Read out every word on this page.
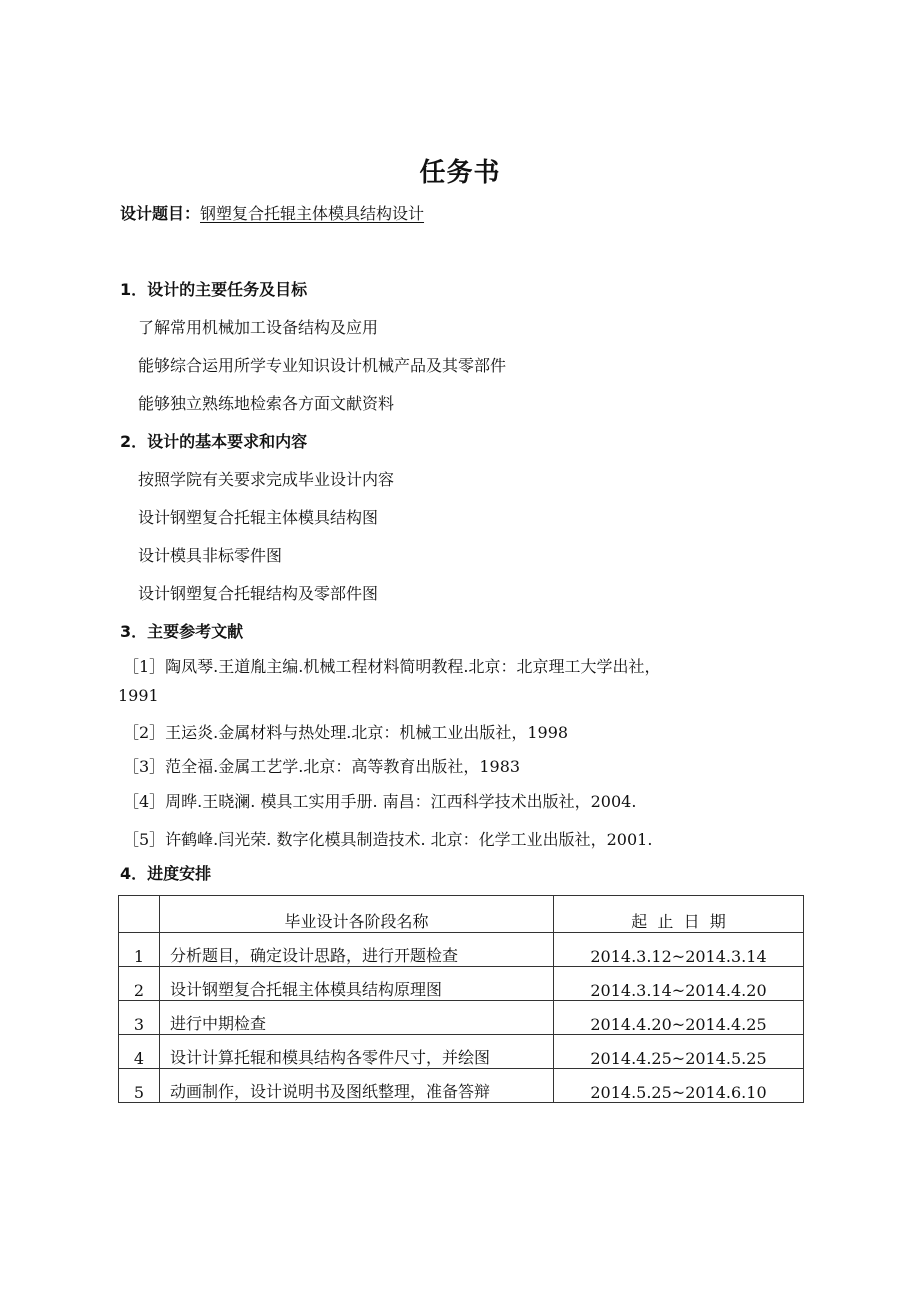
任务书
设计题目：钢塑复合托辊主体模具结构设计
1．设计的主要任务及目标
了解常用机械加工设备结构及应用
能够综合运用所学专业知识设计机械产品及其零部件
能够独立熟练地检索各方面文献资料
2．设计的基本要求和内容
按照学院有关要求完成毕业设计内容
设计钢塑复合托辊主体模具结构图
设计模具非标零件图
设计钢塑复合托辊结构及零部件图
3．主要参考文献
［1］陶凤琴.王道胤主编.机械工程材料简明教程.北京：北京理工大学出社，
1991
［2］王运炎.金属材料与热处理.北京：机械工业出版社，1998
［3］范全福.金属工艺学.北京：高等教育出版社，1983
［4］周晔.王晓澜. 模具工实用手册. 南昌：江西科学技术出版社，2004.
［5］许鹤峰.闫光荣. 数字化模具制造技术. 北京：化学工业出版社，2001.
4．进度安排
	毕业设计各阶段名称	起  止  日  期
1	分析题目，确定设计思路，进行开题检查	2014.3.12~2014.3.14
2	设计钢塑复合托辊主体模具结构原理图	2014.3.14~2014.4.20
3	进行中期检查	2014.4.20~2014.4.25
4	设计计算托辊和模具结构各零件尺寸，并绘图	2014.4.25~2014.5.25
5	动画制作，设计说明书及图纸整理，准备答辩	2014.5.25~2014.6.10
